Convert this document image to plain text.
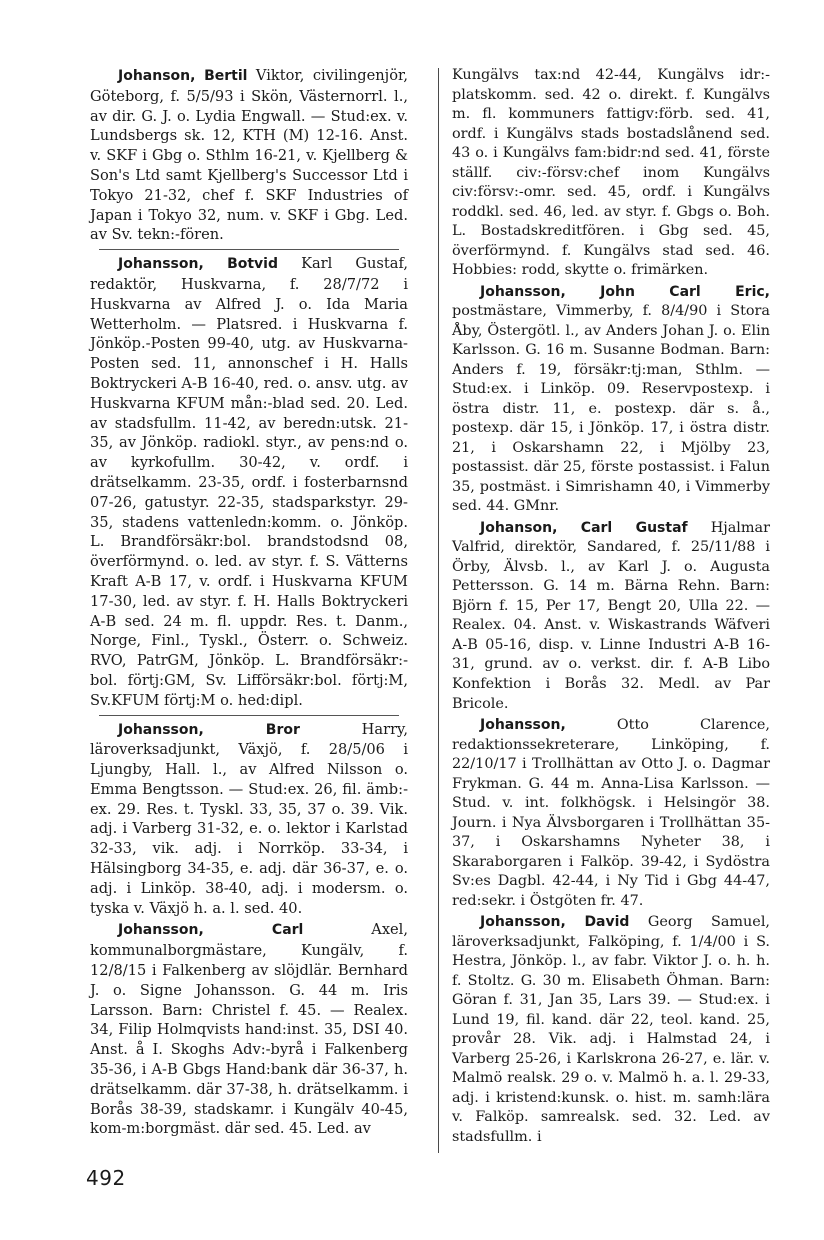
Johanson, Bertil Viktor, civilingenjör, Göteborg, f. 5/5/93 i Skön, Västernorrl. l., av dir. G. J. o. Lydia Engwall. — Stud:ex. v. Lundsbergs sk. 12, KTH (M) 12-16. Anst. v. SKF i Gbg o. Sthlm 16-21, v. Kjellberg & Son's Ltd samt Kjellberg's Successor Ltd i Tokyo 21-32, chef f. SKF Industries of Japan i Tokyo 32, num. v. SKF i Gbg. Led. av Sv. tekn:-fören.

Johansson, Botvid Karl Gustaf, redaktör, Huskvarna, f. 28/7/72 i Huskvarna av Alfred J. o. Ida Maria Wetterholm. — Platsred. i Huskvarna f. Jönköp.-Posten 99-40, utg. av Huskvarna-Posten sed. 11, annonschef i H. Halls Boktryckeri A-B 16-40, red. o. ansv. utg. av Huskvarna KFUM mån:-blad sed. 20. Led. av stadsfullm. 11-42, av beredn:utsk. 21-35, av Jönköp. radiokl. styr., av pens:nd o. av kyrkofullm. 30-42, v. ordf. i drätselkamm. 23-35, ordf. i fosterbarnsnd 07-26, gatustyr. 22-35, stadsparkstyr. 29-35, stadens vattenledn:komm. o. Jönköp. L. Brandförsäkr:bol. brandstodsnd 08, överförmynd. o. led. av styr. f. S. Vätterns Kraft A-B 17, v. ordf. i Huskvarna KFUM 17-30, led. av styr. f. H. Halls Boktryckeri A-B sed. 24 m. fl. uppdr. Res. t. Danm., Norge, Finl., Tyskl., Österr. o. Schweiz. RVO, PatrGM, Jönköp. L. Brandförsäkr:-bol. förtj:GM, Sv. Lifförsäkr:bol. förtj:M, Sv.KFUM förtj:M o. hed:dipl.

Johansson, Bror	Harry, läroverksadjunkt, Växjö, f. 28/5/06 i Ljungby, Hall. l., av Alfred Nilsson o. Emma Bengtsson. — Stud:ex. 26, fil. ämb:-ex. 29. Res. t. Tyskl. 33, 35, 37 o. 39. Vik. adj. i Varberg 31-32, e. o. lektor i Karlstad 32-33, vik. adj. i Norrköp. 33-34, i Hälsingborg 34-35, e. adj. där 36-37, e. o. adj. i Linköp. 38-40, adj. i modersm. o. tyska v. Växjö h. a. l. sed. 40.

Johansson, Carl	Axel, kommunalborgmästare, Kungälv, f. 12/8/15 i Falkenberg av slöjdlär. Bernhard J. o. Signe Johansson. G. 44 m. Iris Larsson. Barn: Christel f. 45. — Realex. 34, Filip Holmqvists hand:inst. 35, DSI 40. Anst. å I. Skoghs Adv:-byrå i Falkenberg 35-36, i A-B Gbgs Hand:bank där 36-37, h. drätselkamm. där 37-38, h. drätselkamm. i Borås 38-39, stadskamr. i Kungälv 40-45, kom-m:borgmäst. där sed. 45. Led. av

Kungälvs tax:nd 42-44, Kungälvs idr:-platskomm. sed. 42 o. direkt. f. Kungälvs m. fl. kommuners fattigv:förb. sed. 41, ordf. i Kungälvs stads bostadslånend sed. 43 o. i Kungälvs fam:bidr:nd sed. 41, förste ställf. civ:-försv:chef inom Kungälvs civ:försv:-omr. sed. 45, ordf. i Kungälvs roddkl. sed. 46, led. av styr. f. Gbgs o. Boh. L. Bostadskreditfören. i Gbg sed. 45, överförmynd. f. Kungälvs stad sed. 46. Hobbies: rodd, skytte o. frimärken.

Johansson, John Carl Eric, postmästare, Vimmerby, f. 8/4/90 i Stora Åby, Östergötl. l., av Anders Johan J. o. Elin Karlsson. G. 16 m. Susanne Bodman. Barn: Anders f. 19, försäkr:tj:man, Sthlm. — Stud:ex. i Linköp. 09. Reservpostexp. i östra distr. 11, e. postexp. där s. å., postexp. där 15, i Jönköp. 17, i östra distr. 21, i Oskarshamn 22, i Mjölby 23, postassist. där 25, förste postassist. i Falun 35, postmäst. i Simrishamn 40, i Vimmerby sed. 44. GMnr.

Johanson, Carl Gustaf Hjalmar Valfrid, direktör, Sandared, f. 25/11/88 i Örby, Älvsb. l., av Karl J. o. Augusta Pettersson. G. 14 m. Bärna Rehn. Barn: Björn f. 15, Per 17, Bengt 20, Ulla 22. — Realex. 04. Anst. v. Wiskastrands Wäfveri A-B 05-16, disp. v. Linne Industri A-B 16-31, grund. av o. verkst. dir. f. A-B Libo Konfektion i Borås 32. Medl. av Par Bricole.

Johansson,	Otto Clarence, redaktionssekreterare, Linköping, f. 22/10/17 i Trollhättan av Otto J. o. Dagmar Frykman. G. 44 m. Anna-Lisa Karlsson. — Stud. v. int. folkhögsk. i Helsingör 38. Journ. i Nya Älvsborgaren i Trollhättan 35-37, i Oskarshamns Nyheter 38, i Skaraborgaren i Falköp. 39-42, i Sydöstra Sv:es Dagbl. 42-44, i Ny Tid i Gbg 44-47, red:sekr. i Östgöten fr. 47.

Johansson, David Georg Samuel, läroverksadjunkt, Falköping, f. 1/4/00 i S. Hestra, Jönköp. l., av fabr. Viktor J. o. h. h. f. Stoltz. G. 30 m. Elisabeth Öhman. Barn: Göran f. 31, Jan 35, Lars 39. — Stud:ex. i Lund 19, fil. kand. där 22, teol. kand. 25, provår 28. Vik. adj. i Halmstad 24, i Varberg 25-26, i Karlskrona 26-27, e. lär. v. Malmö realsk. 29 o. v. Malmö h. a. l. 29-33, adj. i kristend:kunsk. o. hist. m. samh:lära v. Falköp. samrealsk. sed. 32. Led. av stadsfullm. i

492
